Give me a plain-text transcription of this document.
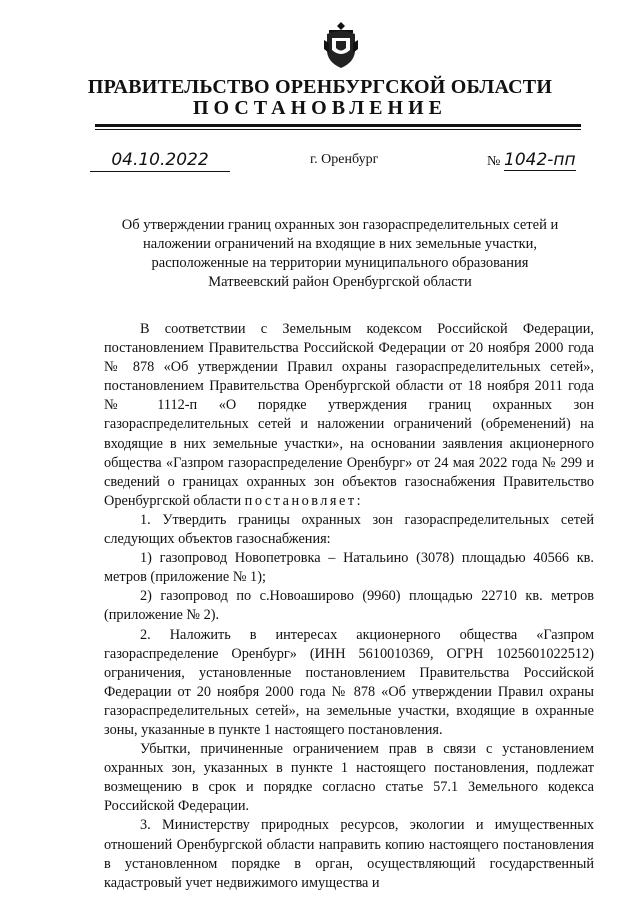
ПРАВИТЕЛЬСТВО ОРЕНБУРГСКОЙ ОБЛАСТИ
ПОСТАНОВЛЕНИЕ
04.10.2022	г. Оренбург	№ 1042-пп
Об утверждении границ охранных зон газораспределительных сетей и
наложении ограничений на входящие в них земельные участки,
расположенные на территории муниципального образования
Матвеевский район Оренбургской области

В соответствии с Земельным кодексом Российской Федерации, постановлением Правительства Российской Федерации от 20 ноября 2000 года № 878 «Об утверждении Правил охраны газораспределительных сетей», постановлением Правительства Оренбургской области от 18 ноября 2011 года № 1112-п «О порядке утверждения границ охранных зон газораспределительных сетей и наложении ограничений (обременений) на входящие в них земельные участки», на основании заявления акционерного общества «Газпром газораспределение Оренбург» от 24 мая 2022 года № 299 и сведений о границах охранных зон объектов газоснабжения Правительство Оренбургской области постановляет:

1. Утвердить границы охранных зон газораспределительных сетей следующих объектов газоснабжения:

1) газопровод Новопетровка – Натальино (3078) площадью 40566 кв. метров (приложение № 1);

2) газопровод по с.Новоаширово (9960) площадью 22710 кв. метров (приложение № 2).

2. Наложить в интересах акционерного общества «Газпром газораспределение Оренбург» (ИНН 5610010369, ОГРН 1025601022512) ограничения, установленные постановлением Правительства Российской Федерации от 20 ноября 2000 года № 878 «Об утверждении Правил охраны газораспределительных сетей», на земельные участки, входящие в охранные зоны, указанные в пункте 1 настоящего постановления.

Убытки, причиненные ограничением прав в связи с установлением охранных зон, указанных в пункте 1 настоящего постановления, подлежат возмещению в срок и порядке согласно статье 57.1 Земельного кодекса Российской Федерации.

3. Министерству природных ресурсов, экологии и имущественных отношений Оренбургской области направить копию настоящего постановления в установленном порядке в орган, осуществляющий государственный кадастровый учет недвижимого имущества и
